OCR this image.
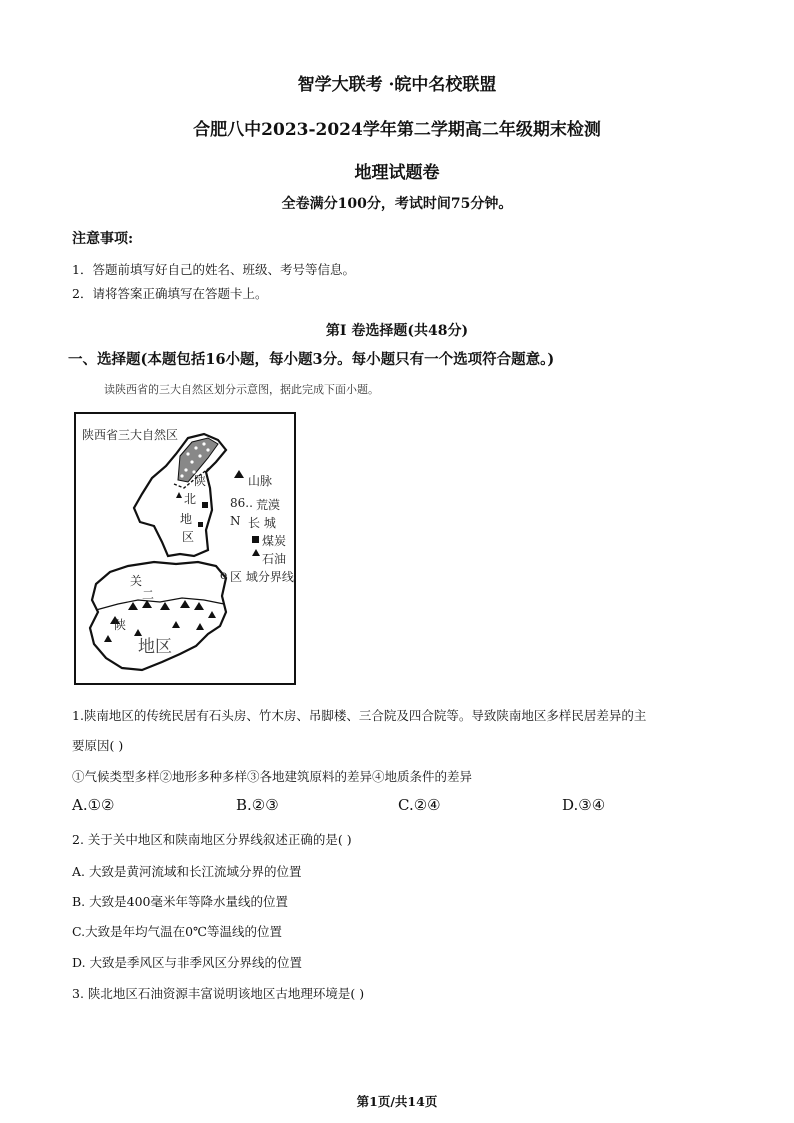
智学大联考 ·皖中名校联盟
合肥八中2023-2024学年第二学期高二年级期末检测
地理试题卷
全卷满分100分，考试时间75分钟。
注意事项:
1．答题前填写好自己的姓名、班级、考号等信息。
2．请将答案正确填写在答题卡上。
第I 卷选择题(共48分)
一、选择题(本题包括16小题，每小题3分。每小题只有一个选项符合题意。)
读陕西省的三大自然区划分示意图，据此完成下面小题。
陕西省三大自然区
陕
北
地
区
关
二
陕
地区
山脉
86.. 荒漠
N 长 城
煤炭
石油
o 区 域分界线
1.陕南地区的传统民居有石头房、竹木房、吊脚楼、三合院及四合院等。导致陕南地区多样民居差异的主
要原因( )
①气候类型多样②地形多种多样③各地建筑原料的差异④地质条件的差异
A.①②	B.②③	C.②④	D.③④
2. 关于关中地区和陕南地区分界线叙述正确的是( )
A. 大致是黄河流域和长江流域分界的位置
B. 大致是400毫米年等降水量线的位置
C.大致是年均气温在0℃等温线的位置
D. 大致是季风区与非季风区分界线的位置
3. 陕北地区石油资源丰富说明该地区古地理环境是( )
第1页/共14页
